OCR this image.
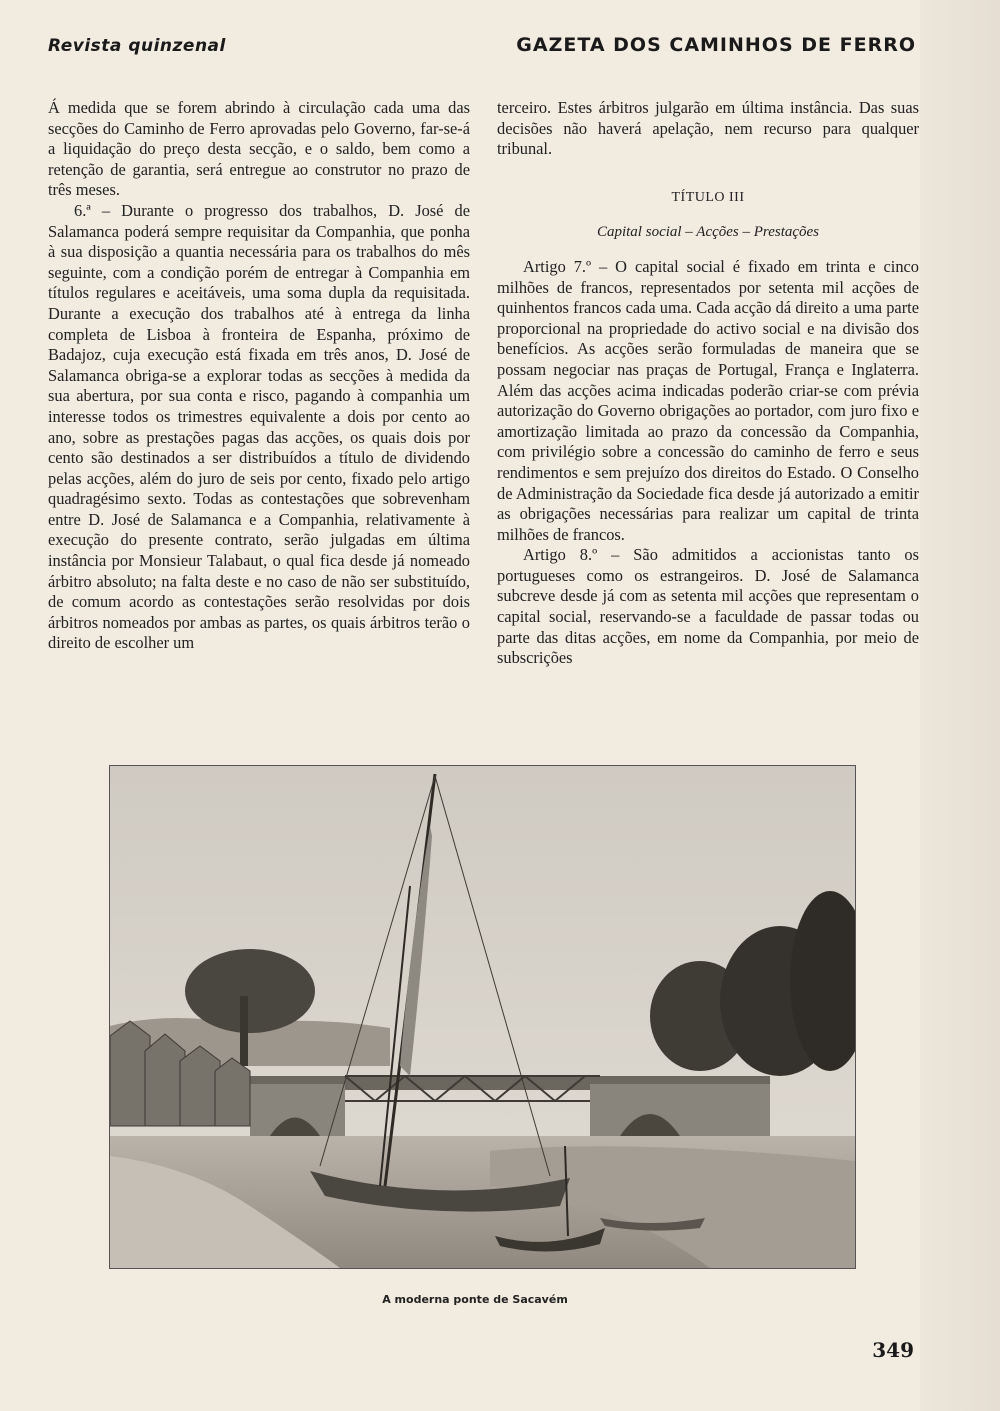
Revista quinzenal	GAZETA DOS CAMINHOS DE FERRO

Á medida que se forem abrindo à circulação cada uma das secções do Caminho de Ferro aprovadas pelo Governo, far-se-á a liquidação do preço desta secção, e o saldo, bem como a retenção de garantia, será entregue ao construtor no prazo de três meses.

6.ª – Durante o progresso dos trabalhos, D. José de Salamanca poderá sempre requisitar da Companhia, que ponha à sua disposição a quantia necessária para os trabalhos do mês seguinte, com a condição porém de entregar à Companhia em títulos regulares e aceitáveis, uma soma dupla da requisitada. Durante a execução dos trabalhos até à entrega da linha completa de Lisboa à fronteira de Espanha, próximo de Badajoz, cuja execução está fixada em três anos, D. José de Salamanca obriga-se a explorar todas as secções à medida da sua abertura, por sua conta e risco, pagando à companhia um interesse todos os trimestres equivalente a dois por cento ao ano, sobre as prestações pagas das acções, os quais dois por cento são destinados a ser distribuídos a título de dividendo pelas acções, além do juro de seis por cento, fixado pelo artigo quadragésimo sexto. Todas as contestações que sobrevenham entre D. José de Salamanca e a Companhia, relativamente à execução do presente contrato, serão julgadas em última instância por Monsieur Talabaut, o qual fica desde já nomeado árbitro absoluto; na falta deste e no caso de não ser substituído, de comum acordo as contestações serão resolvidas por dois árbitros nomeados por ambas as partes, os quais árbitros terão o direito de escolher um

terceiro. Estes árbitros julgarão em última instância. Das suas decisões não haverá apelação, nem recurso para qualquer tribunal.

TÍTULO III
Capital social – Acções – Prestações

Artigo 7.º – O capital social é fixado em trinta e cinco milhões de francos, representados por setenta mil acções de quinhentos francos cada uma. Cada acção dá direito a uma parte proporcional na propriedade do activo social e na divisão dos benefícios. As acções serão formuladas de maneira que se possam negociar nas praças de Portugal, França e Inglaterra. Além das acções acima indicadas poderão criar-se com prévia autorização do Governo obrigações ao portador, com juro fixo e amortização limitada ao prazo da concessão da Companhia, com privilégio sobre a concessão do caminho de ferro e seus rendimentos e sem prejuízo dos direitos do Estado. O Conselho de Administração da Sociedade fica desde já autorizado a emitir as obrigações necessárias para realizar um capital de trinta milhões de francos.

Artigo 8.º – São admitidos a accionistas tanto os portugueses como os estrangeiros. D. José de Salamanca subcreve desde já com as setenta mil acções que representam o capital social, reservando-se a faculdade de passar todas ou parte das ditas acções, em nome da Companhia, por meio de subscrições

A moderna ponte de Sacavém
349
